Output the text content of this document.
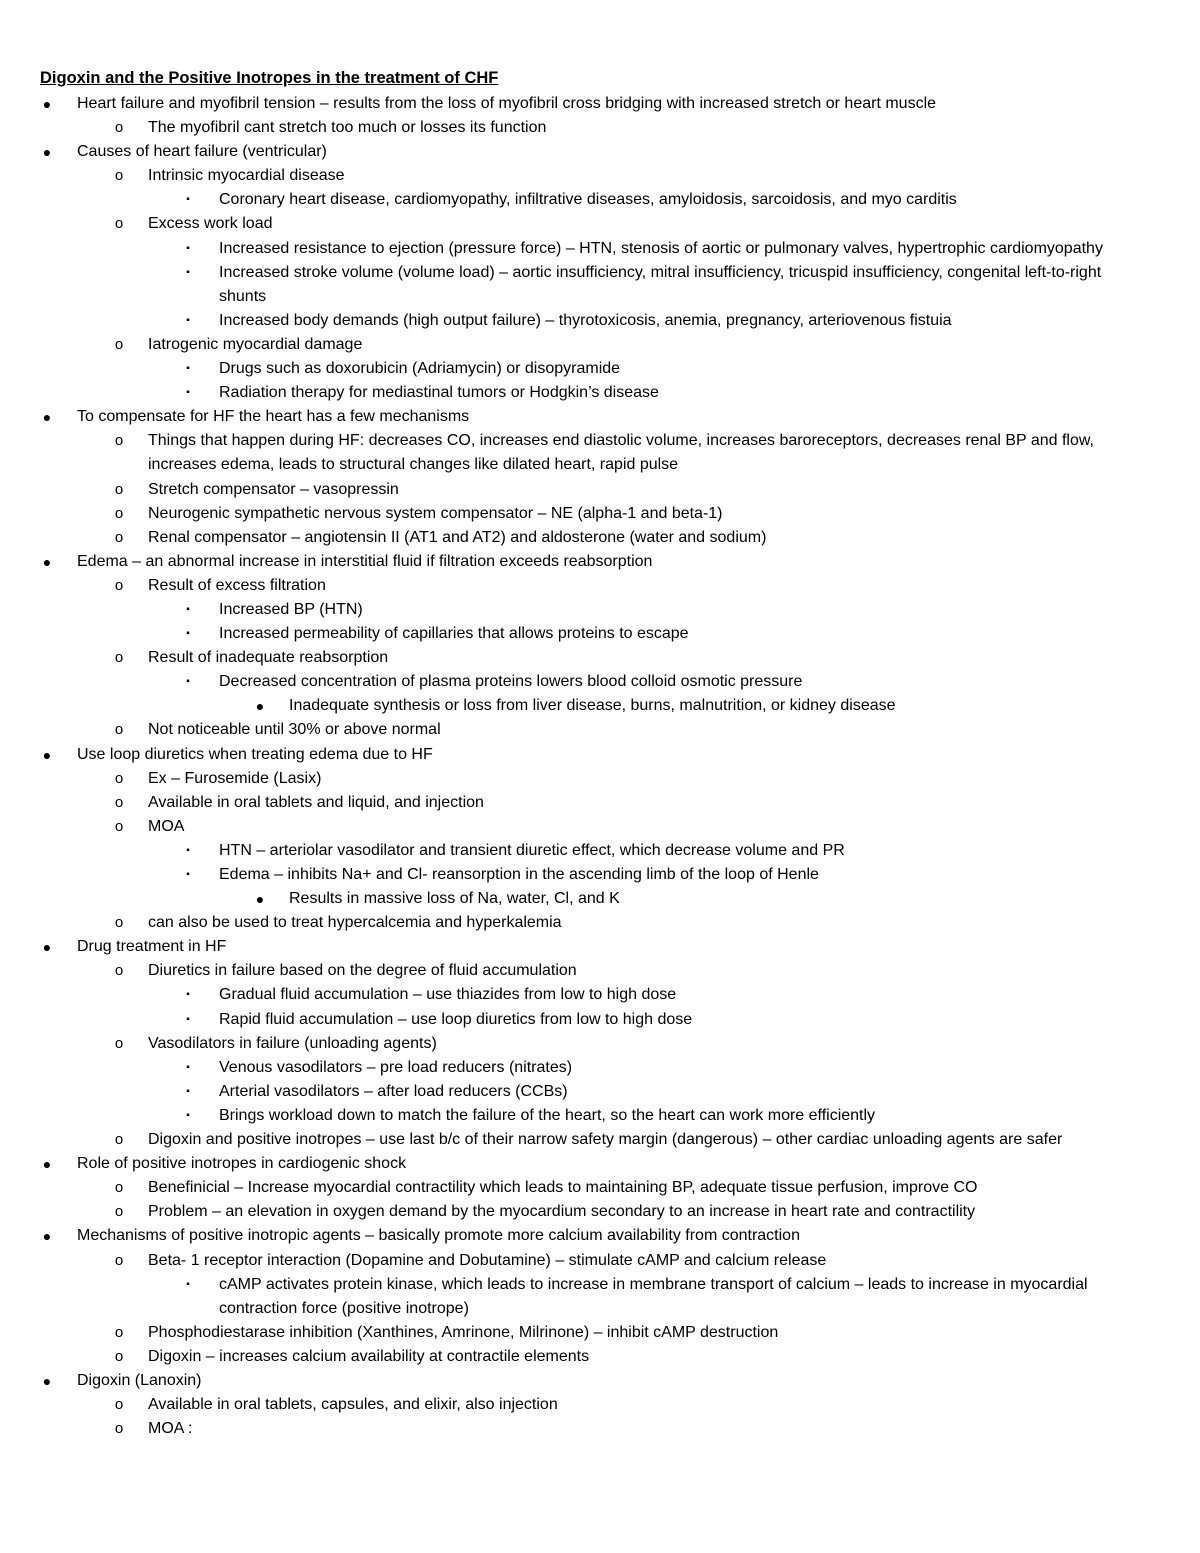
Digoxin and the Positive Inotropes in the treatment of CHF
●	Heart failure and myofibril tension – results from the loss of myofibril cross bridging with increased stretch or heart muscle
o	The myofibril cant stretch too much or losses its function
●	Causes of heart failure (ventricular)
o	Intrinsic myocardial disease
▪	Coronary heart disease, cardiomyopathy, infiltrative diseases, amyloidosis, sarcoidosis, and myo carditis
o	Excess work load
▪	Increased resistance to ejection (pressure force) – HTN, stenosis of aortic or pulmonary valves, hypertrophic cardiomyopathy
▪	Increased stroke volume (volume load) – aortic insufficiency, mitral insufficiency, tricuspid insufficiency, congenital left-to-right shunts
▪	Increased body demands (high output failure) – thyrotoxicosis, anemia, pregnancy, arteriovenous fistuia
o	Iatrogenic myocardial damage
▪	Drugs such as doxorubicin (Adriamycin) or disopyramide
▪	Radiation therapy for mediastinal tumors or Hodgkin’s disease
●	To compensate for HF the heart has a few mechanisms
o	Things that happen during HF: decreases CO, increases end diastolic volume, increases baroreceptors, decreases renal BP and flow, increases edema, leads to structural changes like dilated heart, rapid pulse
o	Stretch compensator – vasopressin
o	Neurogenic sympathetic nervous system compensator – NE (alpha-1 and beta-1)
o	Renal compensator – angiotensin II (AT1 and AT2) and aldosterone (water and sodium)
●	Edema – an abnormal increase in interstitial fluid if filtration exceeds reabsorption
o	Result of excess filtration
▪	Increased BP (HTN)
▪	Increased permeability of capillaries that allows proteins to escape
o	Result of inadequate reabsorption
▪	Decreased concentration of plasma proteins lowers blood colloid osmotic pressure
●	Inadequate synthesis or loss from liver disease, burns, malnutrition, or kidney disease
o	Not noticeable until 30% or above normal
●	Use loop diuretics when treating edema due to HF
o	Ex – Furosemide (Lasix)
o	Available in oral tablets and liquid, and injection
o	MOA
▪	HTN – arteriolar vasodilator and transient diuretic effect, which decrease volume and PR
▪	Edema – inhibits Na+ and Cl- reansorption in the ascending limb of the loop of Henle
●	Results in massive loss of Na, water, Cl, and K
o	can also be used to treat hypercalcemia and hyperkalemia
●	Drug treatment in HF
o	Diuretics in failure based on the degree of fluid accumulation
▪	Gradual fluid accumulation – use thiazides from low to high dose
▪	Rapid fluid accumulation – use loop diuretics from low to high dose
o	Vasodilators in failure (unloading agents)
▪	Venous vasodilators – pre load reducers (nitrates)
▪	Arterial vasodilators – after load reducers (CCBs)
▪	Brings workload down to match the failure of the heart, so the heart can work more efficiently
o	Digoxin and positive inotropes – use last b/c of their narrow safety margin (dangerous) – other cardiac unloading agents are safer
●	Role of positive inotropes in cardiogenic shock
o	Benefinicial – Increase myocardial contractility which leads to maintaining BP, adequate tissue perfusion, improve CO
o	Problem – an elevation in oxygen demand by the myocardium secondary to an increase in heart rate and contractility
●	Mechanisms of positive inotropic agents – basically promote more calcium availability from contraction
o	Beta- 1 receptor interaction (Dopamine and Dobutamine) – stimulate cAMP and calcium release
▪	cAMP activates protein kinase, which leads to increase in membrane transport of calcium – leads to increase in myocardial contraction force (positive inotrope)
o	Phosphodiestarase inhibition (Xanthines, Amrinone, Milrinone) – inhibit cAMP destruction
o	Digoxin – increases calcium availability at contractile elements
●	Digoxin (Lanoxin)
o	Available in oral tablets, capsules, and elixir, also injection
o	MOA :
